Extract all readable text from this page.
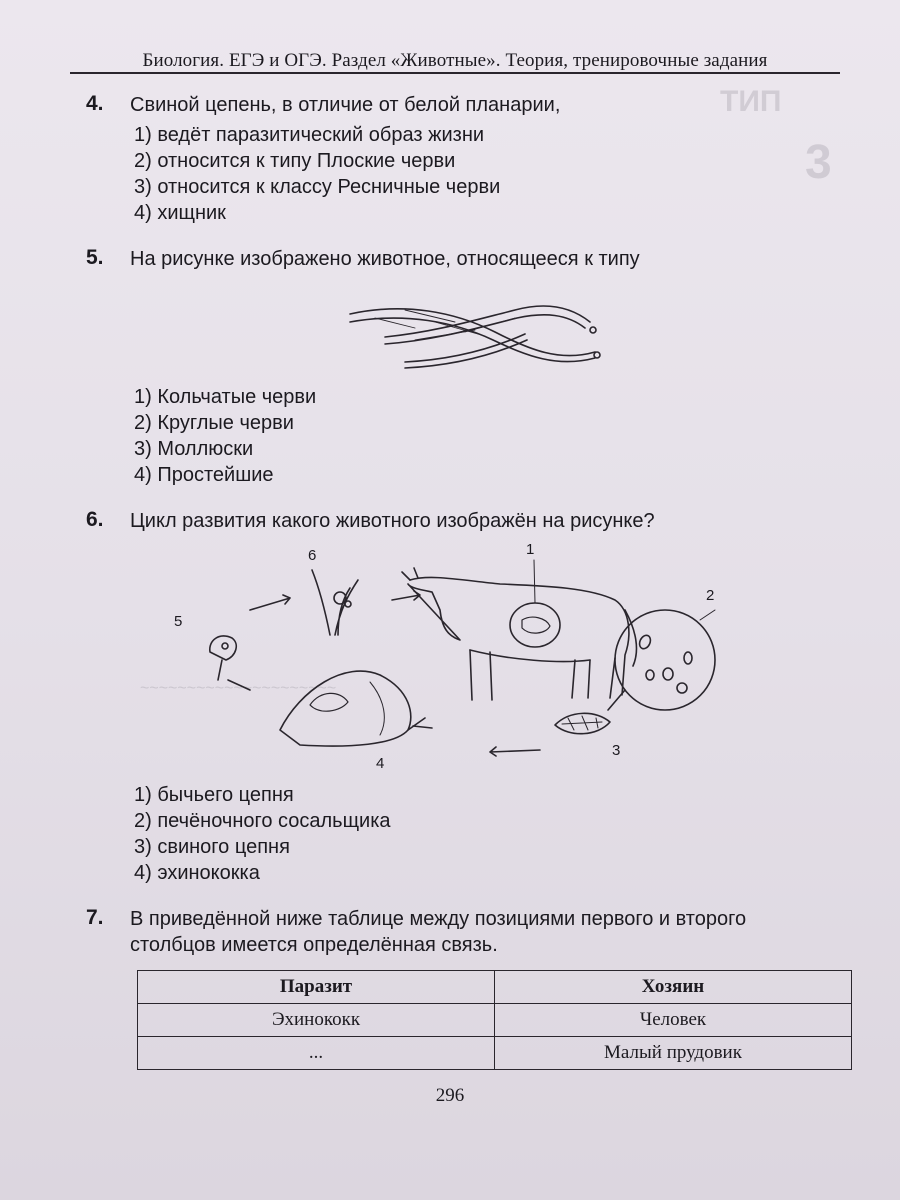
ТИП
3
~~~~~~~~~~~~~~~~~~~~~
Биология. ЕГЭ и ОГЭ. Раздел «Животные». Теория, тренировочные задания
4. Свиной цепень, в отличие от белой планарии,
1) ведёт паразитический образ жизни
2) относится к типу Плоские черви
3) относится к классу Ресничные черви
4) хищник
5. На рисунке изображено животное, относящееся к типу
1) Кольчатые черви
2) Круглые черви
3) Моллюски
4) Простейшие
6. Цикл развития какого животного изображён на рисунке?
1
2
3
4
5
6
1) бычьего цепня
2) печёночного сосальщика
3) свиного цепня
4) эхинококка
7. В приведённой ниже таблице между позициями первого и второго
столбцов имеется определённая связь.
Паразит	Хозяин
Эхинококк	Человек
...	Малый прудовик
296
